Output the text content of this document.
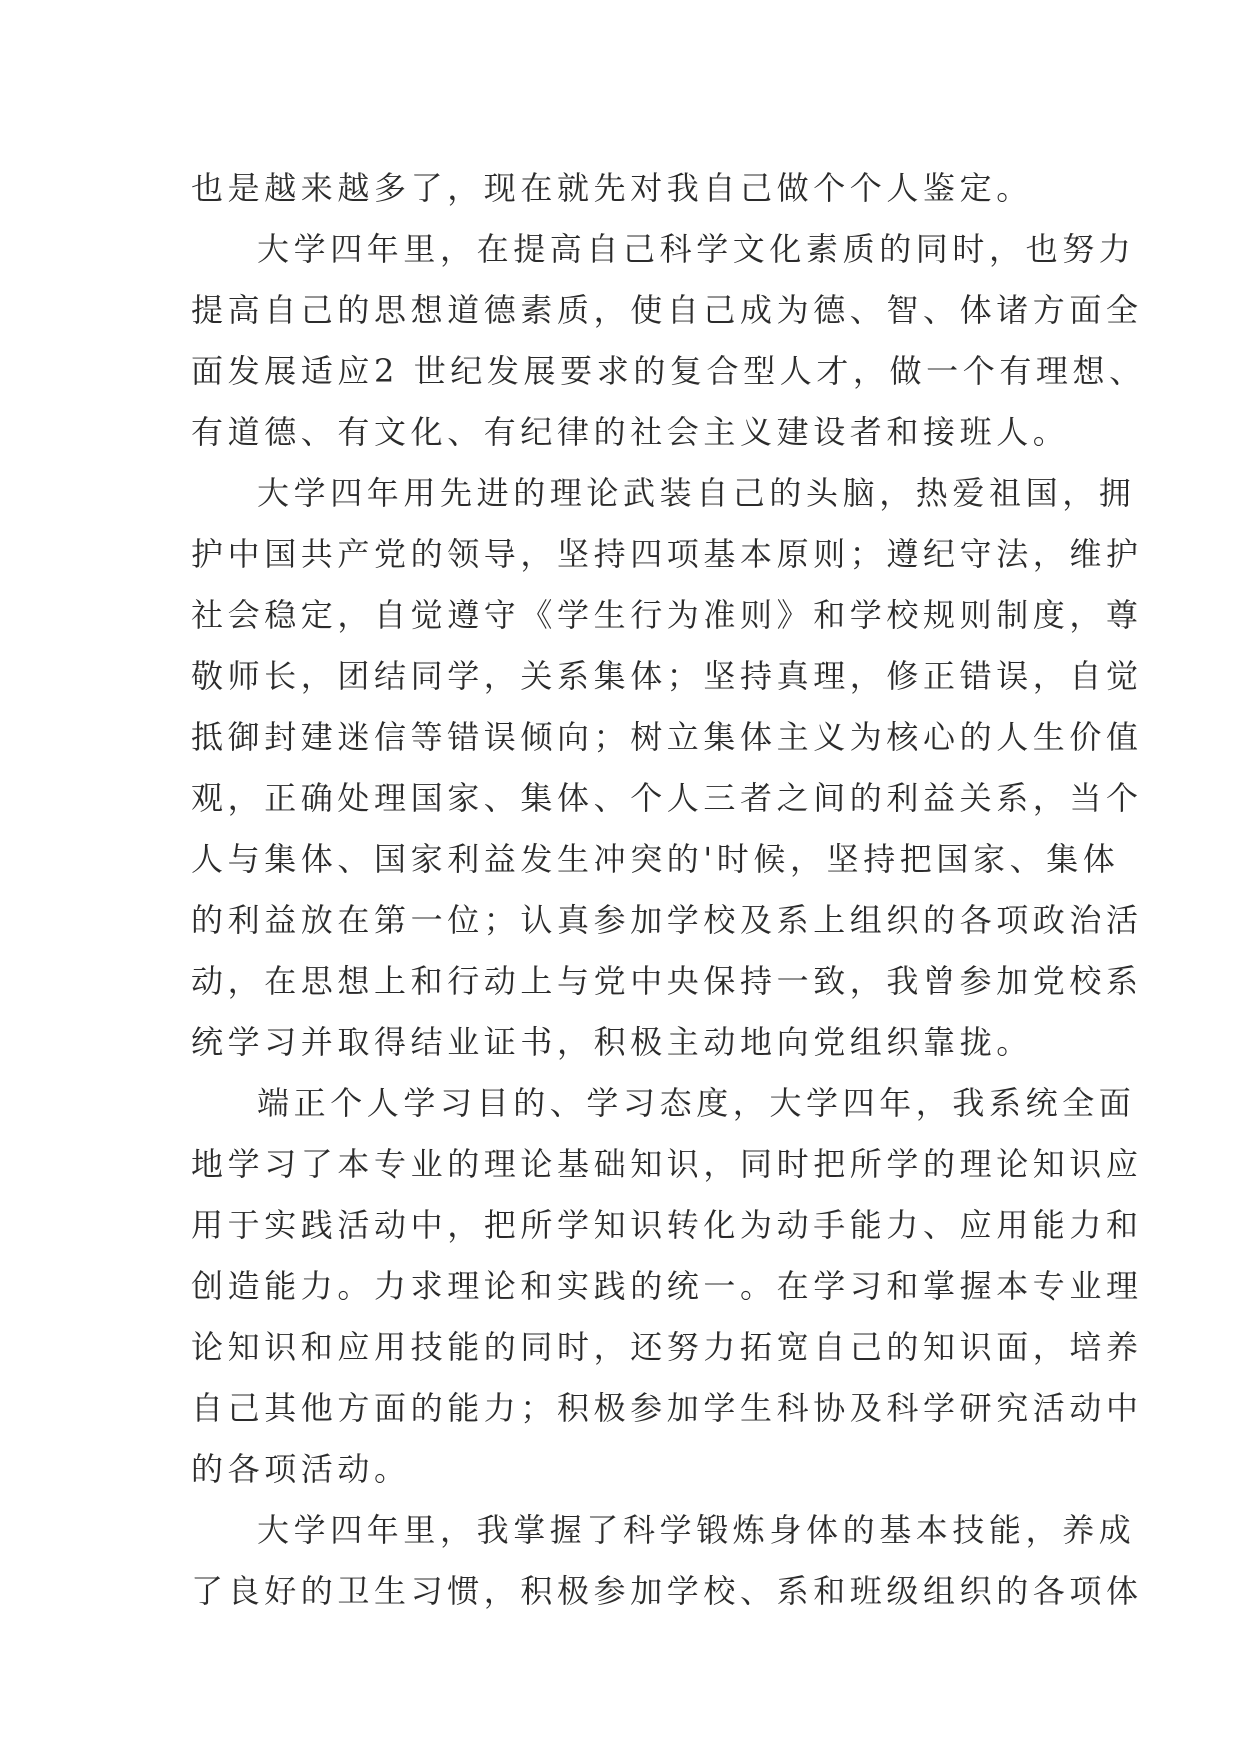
也是越来越多了，现在就先对我自己做个个人鉴定。
大学四年里，在提高自己科学文化素质的同时，也努力
提高自己的思想道德素质，使自己成为德、智、体诸方面全
面发展适应2 世纪发展要求的复合型人才，做一个有理想、
有道德、有文化、有纪律的社会主义建设者和接班人。
大学四年用先进的理论武装自己的头脑，热爱祖国，拥
护中国共产党的领导，坚持四项基本原则；遵纪守法，维护
社会稳定，自觉遵守《学生行为准则》和学校规则制度，尊
敬师长，团结同学，关系集体；坚持真理，修正错误，自觉
抵御封建迷信等错误倾向；树立集体主义为核心的人生价值
观，正确处理国家、集体、个人三者之间的利益关系，当个
人与集体、国家利益发生冲突的'时候，坚持把国家、集体
的利益放在第一位；认真参加学校及系上组织的各项政治活
动，在思想上和行动上与党中央保持一致，我曾参加党校系
统学习并取得结业证书，积极主动地向党组织靠拢。
端正个人学习目的、学习态度，大学四年，我系统全面
地学习了本专业的理论基础知识，同时把所学的理论知识应
用于实践活动中，把所学知识转化为动手能力、应用能力和
创造能力。力求理论和实践的统一。在学习和掌握本专业理
论知识和应用技能的同时，还努力拓宽自己的知识面，培养
自己其他方面的能力；积极参加学生科协及科学研究活动中
的各项活动。
大学四年里，我掌握了科学锻炼身体的基本技能，养成
了良好的卫生习惯，积极参加学校、系和班级组织的各项体
